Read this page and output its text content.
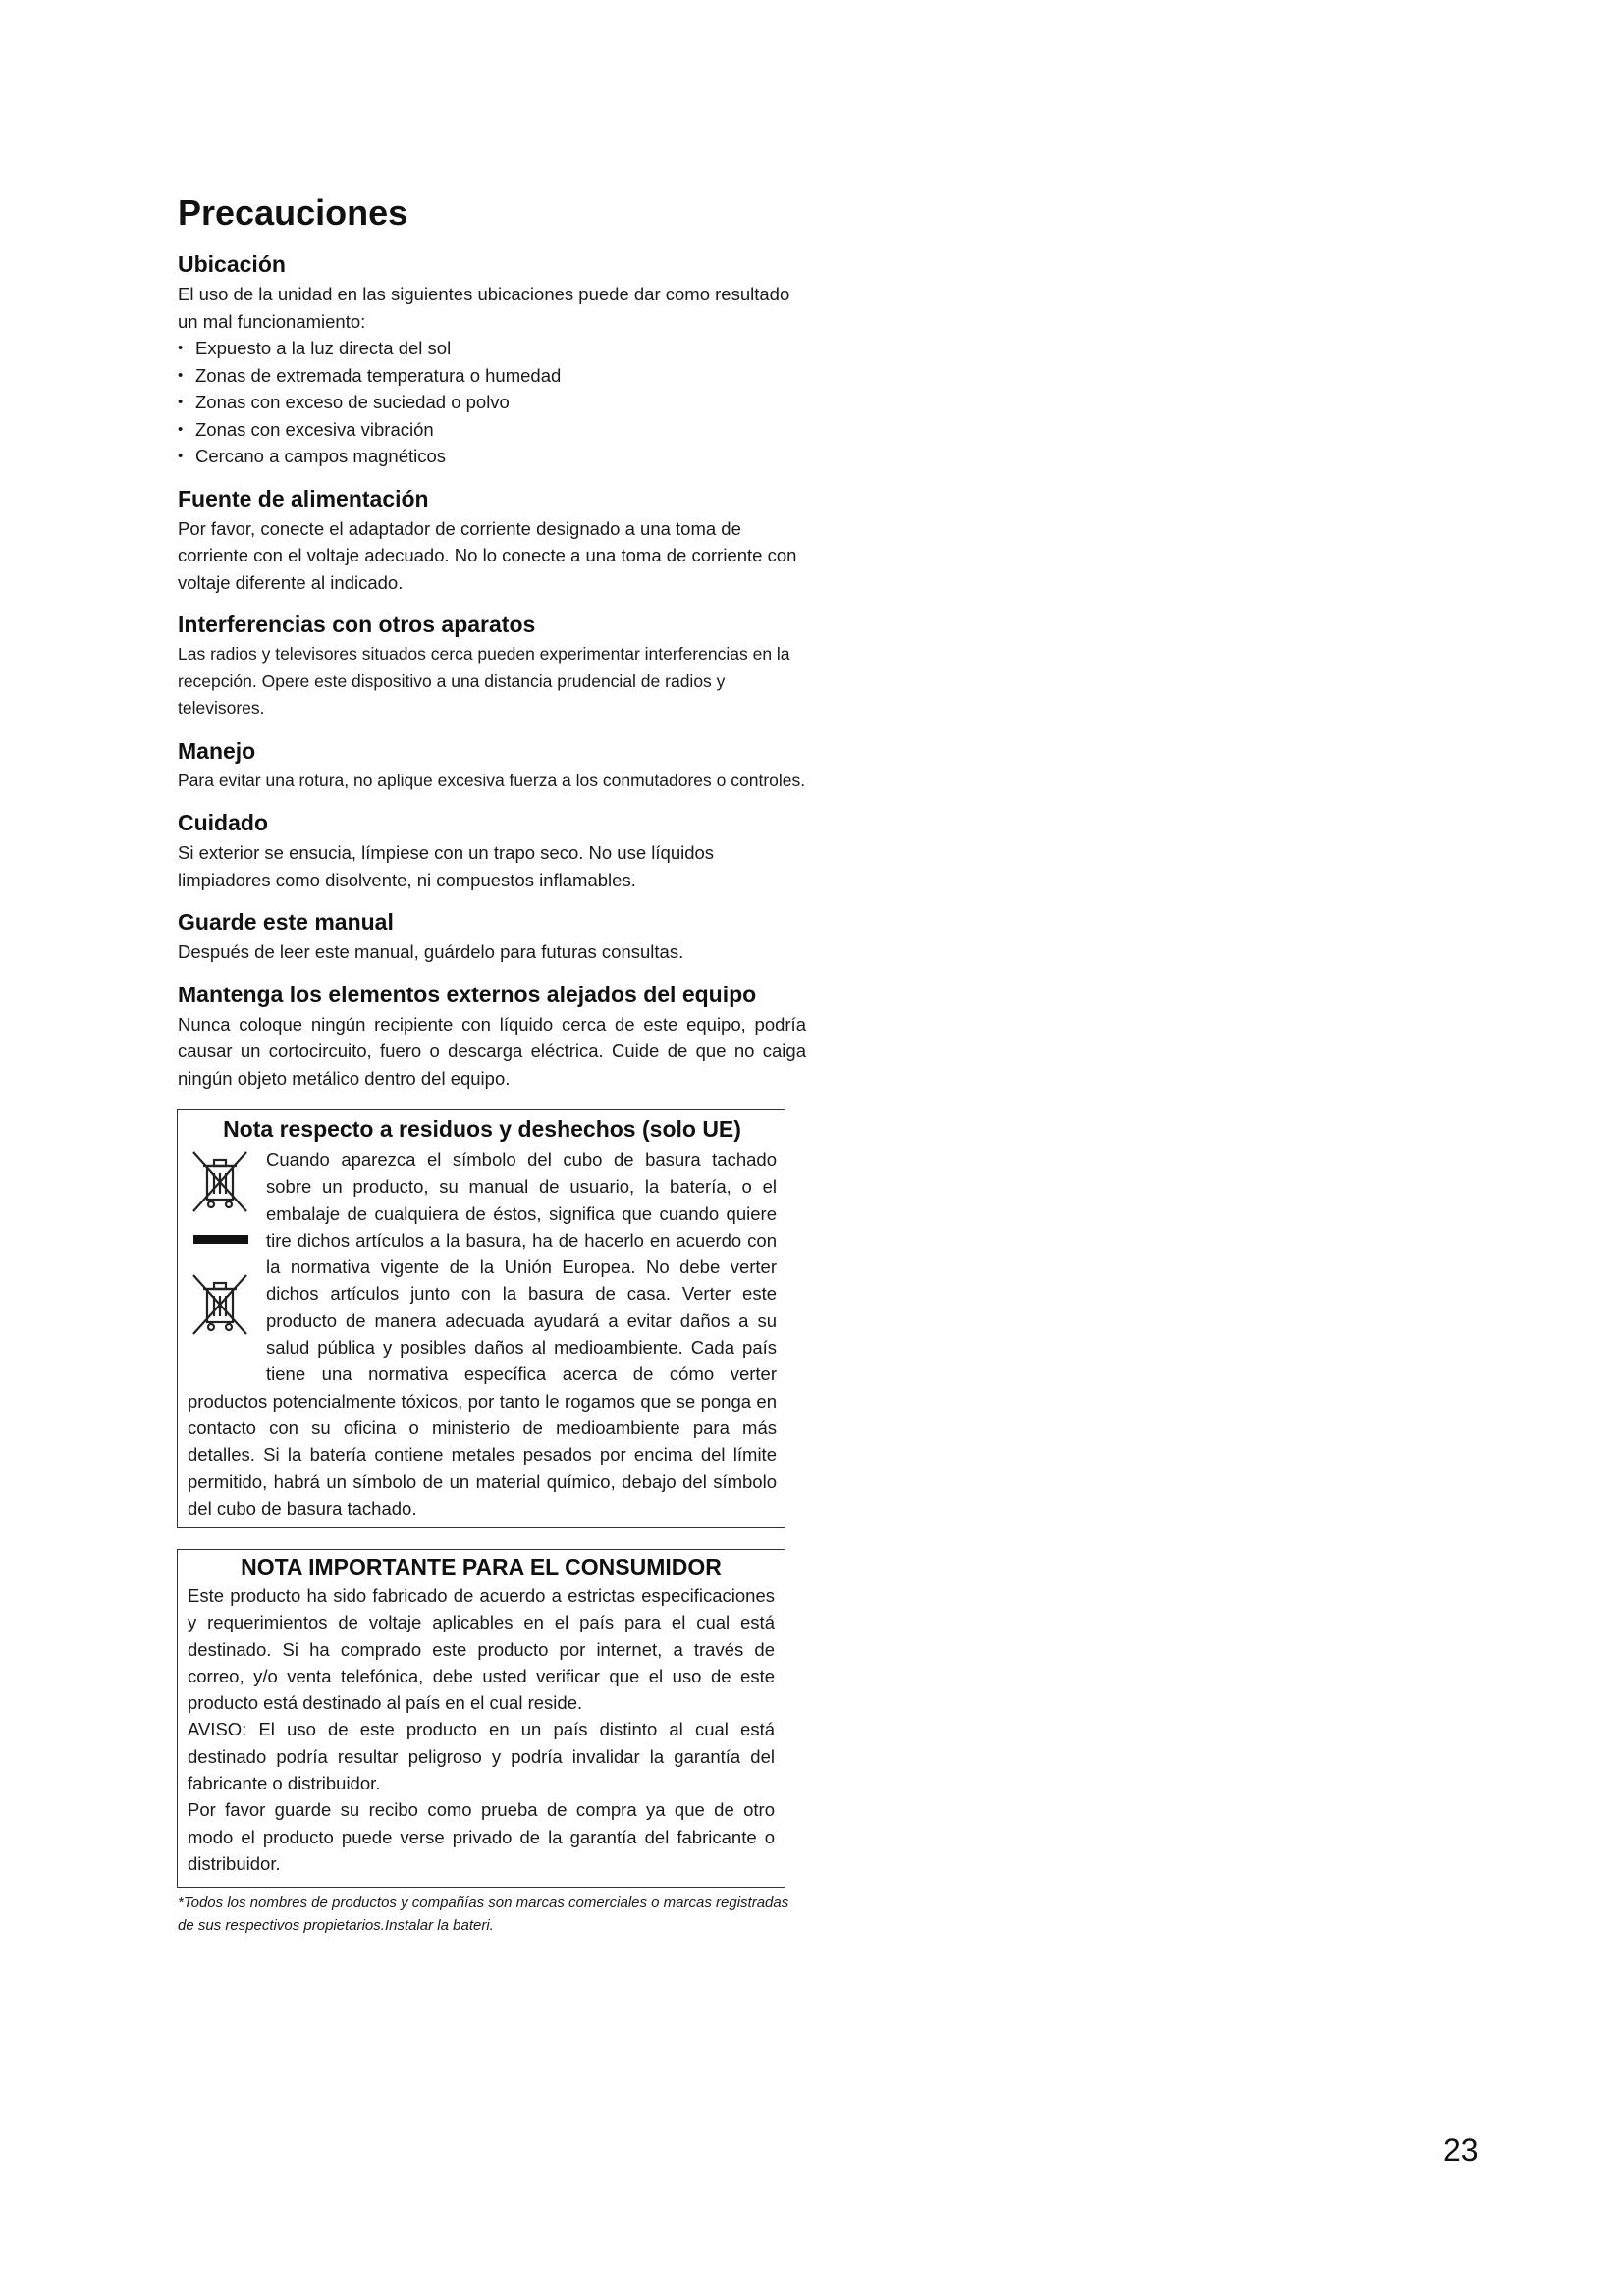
Precauciones
Ubicación

El uso de la unidad en las siguientes ubicaciones puede dar como resultado un mal funcionamiento:

• Expuesto a la luz directa del sol
• Zonas de extremada temperatura o humedad
• Zonas con exceso de suciedad o polvo
• Zonas con excesiva vibración
• Cercano a campos magnéticos
Fuente de alimentación

Por favor, conecte el adaptador de corriente designado a una toma de corriente con el voltaje adecuado. No lo conecte a una toma de corriente con voltaje diferente al indicado.

Interferencias con otros aparatos

Las radios y televisores situados cerca pueden experimentar interferencias en la recepción. Opere este dispositivo a una distancia prudencial de radios y televisores.

Manejo

Para evitar una rotura, no aplique excesiva fuerza a los conmutadores o controles.

Cuidado

Si exterior se ensucia, límpiese con un trapo seco. No use líquidos limpiadores como disolvente, ni compuestos inflamables.

Guarde este manual

Después de leer este manual, guárdelo para futuras consultas.

Mantenga los elementos externos alejados del equipo

Nunca coloque ningún recipiente con líquido cerca de este equipo, podría causar un cortocircuito, fuero o descarga eléctrica. Cuide de que no caiga ningún objeto metálico dentro del equipo.

Nota respecto a residuos y deshechos (solo UE)

Cuando aparezca el símbolo del cubo de basura tachado sobre un producto, su manual de usuario, la batería, o el embalaje de cualquiera de éstos, significa que cuando quiere tire dichos artículos a la basura, ha de hacerlo en acuerdo con la normativa vigente de la Unión Europea. No debe verter dichos artículos junto con la basura de casa. Verter este producto de manera adecuada ayudará a evitar daños a su salud pública y posibles daños al medioambiente. Cada país tiene una normativa específica acerca de cómo verter productos potencialmente tóxicos, por tanto le rogamos que se ponga en contacto con su oficina o ministerio de medioambiente para más detalles. Si la batería contiene metales pesados por encima del límite permitido, habrá un símbolo de un material químico, debajo del símbolo del cubo de basura tachado.

NOTA IMPORTANTE PARA EL CONSUMIDOR

Este producto ha sido fabricado de acuerdo a estrictas especificaciones y requerimientos de voltaje aplicables en el país para el cual está destinado. Si ha comprado este producto por internet, a través de correo, y/o venta telefónica, debe usted verificar que el uso de este producto está destinado al país en el cual reside.

AVISO: El uso de este producto en un país distinto al cual está destinado podría resultar peligroso y podría invalidar la garantía del fabricante o distribuidor.

Por favor guarde su recibo como prueba de compra ya que de otro modo el producto puede verse privado de la garantía del fabricante o distribuidor.

*Todos los nombres de productos y compañías son marcas comerciales o marcas registradas de sus respectivos propietarios.Instalar la bateri.

23
